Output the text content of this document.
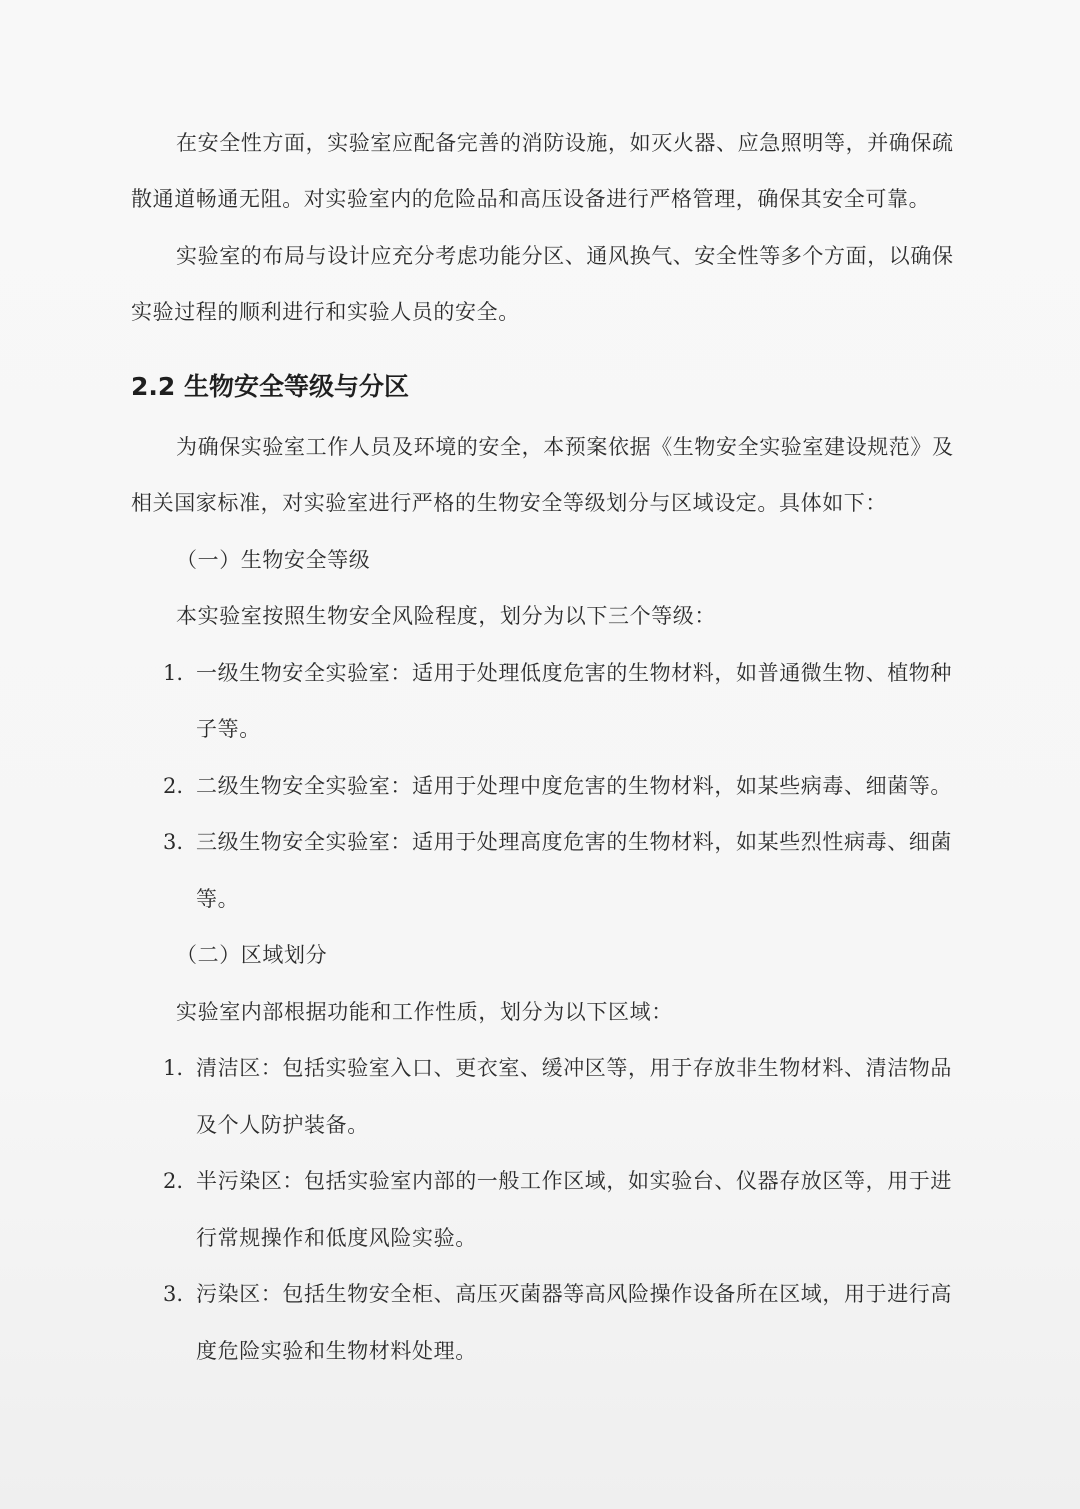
在安全性方面，实验室应配备完善的消防设施，如灭火器、应急照明等，并确保疏
散通道畅通无阻。对实验室内的危险品和高压设备进行严格管理，确保其安全可靠。
实验室的布局与设计应充分考虑功能分区、通风换气、安全性等多个方面，以确保
实验过程的顺利进行和实验人员的安全。
2.2 生物安全等级与分区
为确保实验室工作人员及环境的安全，本预案依据《生物安全实验室建设规范》及
相关国家标准，对实验室进行严格的生物安全等级划分与区域设定。具体如下：
（一）生物安全等级
本实验室按照生物安全风险程度，划分为以下三个等级：
1. 一级生物安全实验室：适用于处理低度危害的生物材料，如普通微生物、植物种
子等。
2. 二级生物安全实验室：适用于处理中度危害的生物材料，如某些病毒、细菌等。
3. 三级生物安全实验室：适用于处理高度危害的生物材料，如某些烈性病毒、细菌
等。
（二）区域划分
实验室内部根据功能和工作性质，划分为以下区域：
1. 清洁区：包括实验室入口、更衣室、缓冲区等，用于存放非生物材料、清洁物品
及个人防护装备。
2. 半污染区：包括实验室内部的一般工作区域，如实验台、仪器存放区等，用于进
行常规操作和低度风险实验。
3. 污染区：包括生物安全柜、高压灭菌器等高风险操作设备所在区域，用于进行高
度危险实验和生物材料处理。
